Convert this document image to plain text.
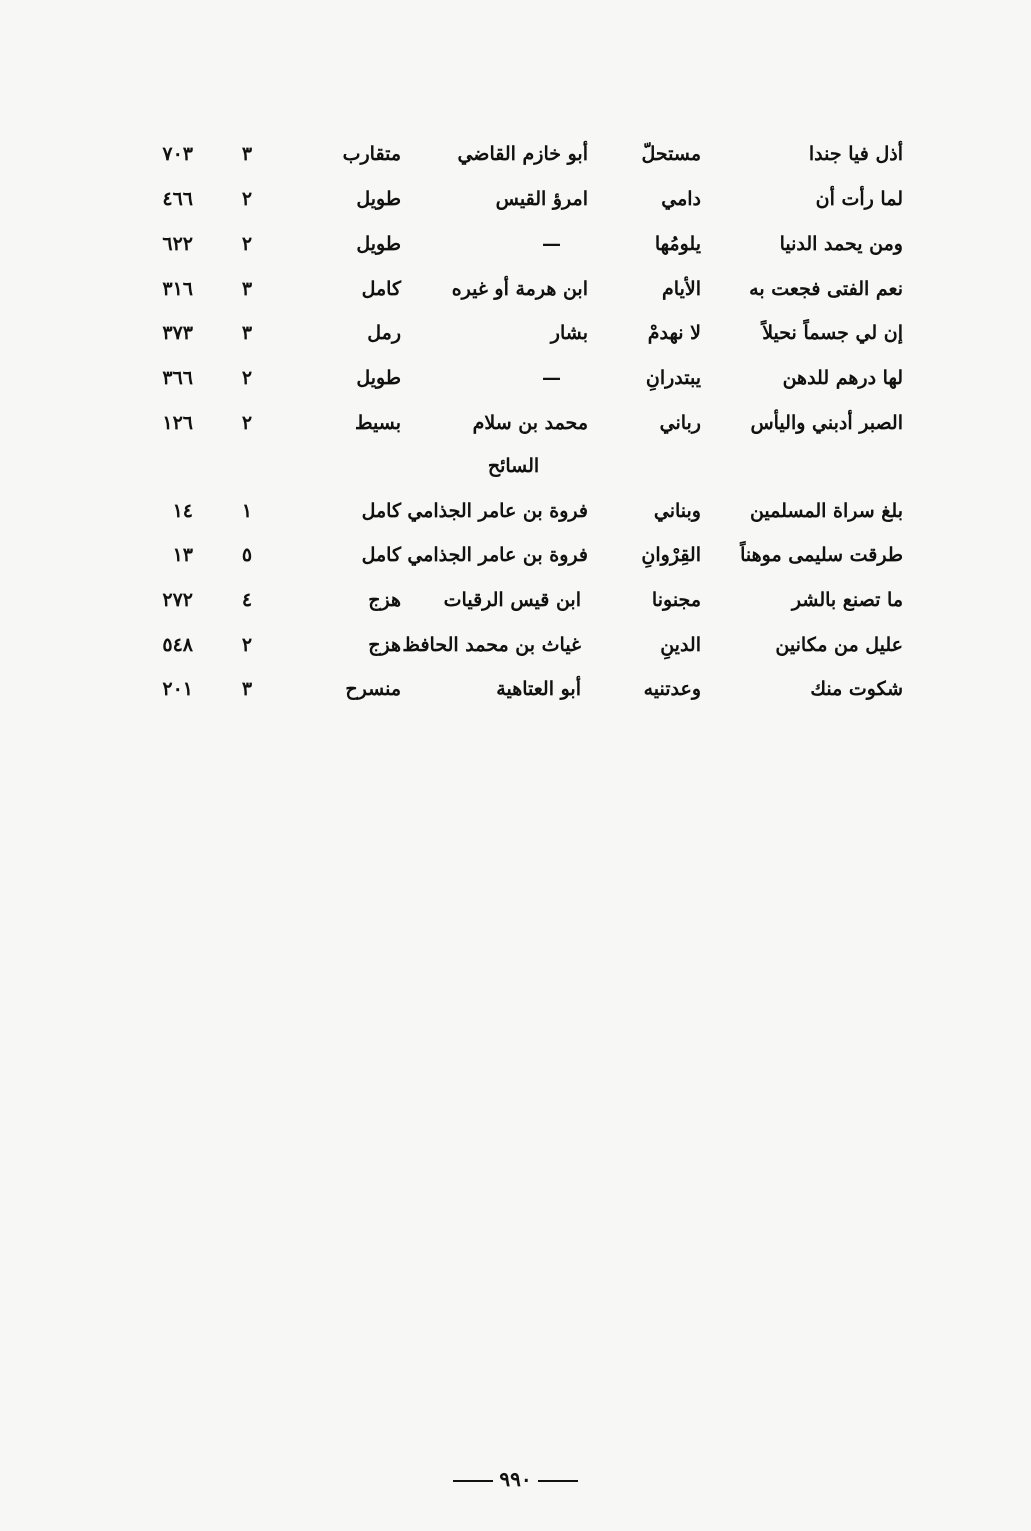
أذل فيا جندا
مستحلّ
أبو خازم القاضي
متقارب
٣
٧٠٣
لما رأت أن
دامي
امرؤ القيس
طويل
٢
٤٦٦
ومن يحمد الدنيا
يلومُها
—
طويل
٢
٦٢٢
نعم الفتى فجعت به
الأيام
ابن هرمة أو غيره
كامل
٣
٣١٦
إن لي جسماً نحيلاً
لا نهدمْ
بشار
رمل
٣
٣٧٣
لها درهم للدهن
يبتدرانِ
—
طويل
٢
٣٦٦
الصبر أدبني واليأس
رباني
محمد بن سلام
بسيط
٢
١٢٦
السائح
بلغ سراة المسلمين
وبناني
فروة بن عامر الجذامي
كامل
١
١٤
طرقت سليمى موهناً
القِرْوانِ
فروة بن عامر الجذامي
كامل
٥
١٣
ما تصنع بالشر
مجنونا
ابن قيس الرقيات
هزج
٤
٢٧٢
عليل من مكانين
الدينِ
غياث بن محمد الحافظ
هزج
٢
٥٤٨
شكوت منك
وعدتنيه
أبو العتاهية
منسرح
٣
٢٠١
٩٩٠
